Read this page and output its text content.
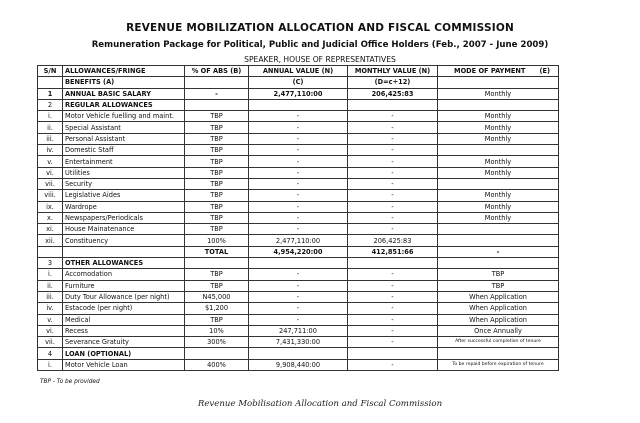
REVENUE MOBILIZATION ALLOCATION AND FISCAL COMMISSION
Remuneration Package for Political, Public and Judicial Office Holders (Feb., 2007 - June 2009)
SPEAKER, HOUSE OF REPRESENTATIVES
S/N	ALLOWANCES/FRINGE	% OF ABS (B)	ANNUAL VALUE (N)	MONTHLY VALUE (N)	MODE OF PAYMENT (E)

	BENEFITS (A)		(C)	(D=c÷12)	
1	ANNUAL BASIC SALARY	-	2,477,110:00	206,425:83	Monthly
2	REGULAR ALLOWANCES				
i.	Motor Vehicle fuelling and maint.	TBP	-	-	Monthly
ii.	Special Assistant	TBP	-	-	Monthly
iii.	Personal Assistant	TBP	-	-	Monthly
iv.	Domestic Staff	TBP	-	-	
v.	Entertainment	TBP	-	-	Monthly
vi.	Utilities	TBP	-	-	Monthly
vii.	Security	TBP	-	-	
viii.	Legislative Aides	TBP	-	-	Monthly
ix.	Wardrope	TBP	-	-	Monthly
x.	Newspapers/Periodicals	TBP	-	-	Monthly
xi.	House Mainatenance	TBP	-	-	
xii.	Constituency	100%	2,477,110:00	206,425:83	
		TOTAL	4,954,220:00	412,851:66	-
3	OTHER ALLOWANCES				
i.	Accomodation	TBP	-	-	TBP
ii.	Furniture	TBP	-	-	TBP
iii.	Duty Tour Allowance (per night)	N45,000	-	-	When Application
iv.	Estacode (per night)	$1,200	-	-	When Application
v.	Medical	TBP	-	-	When Application
vi.	Recess	10%	247,711:00	-	Once Annually
vii.	Severance Gratuity	300%	7,431,330:00	-	After successful completion of tenure
4	LOAN (OPTIONAL)				
i.	Motor Vehicle Loan	400%	9,908,440:00	-	To be repaid before expiration of tenure
TBP - To be provided
Revenue Mobilisation Allocation and Fiscal Commission
